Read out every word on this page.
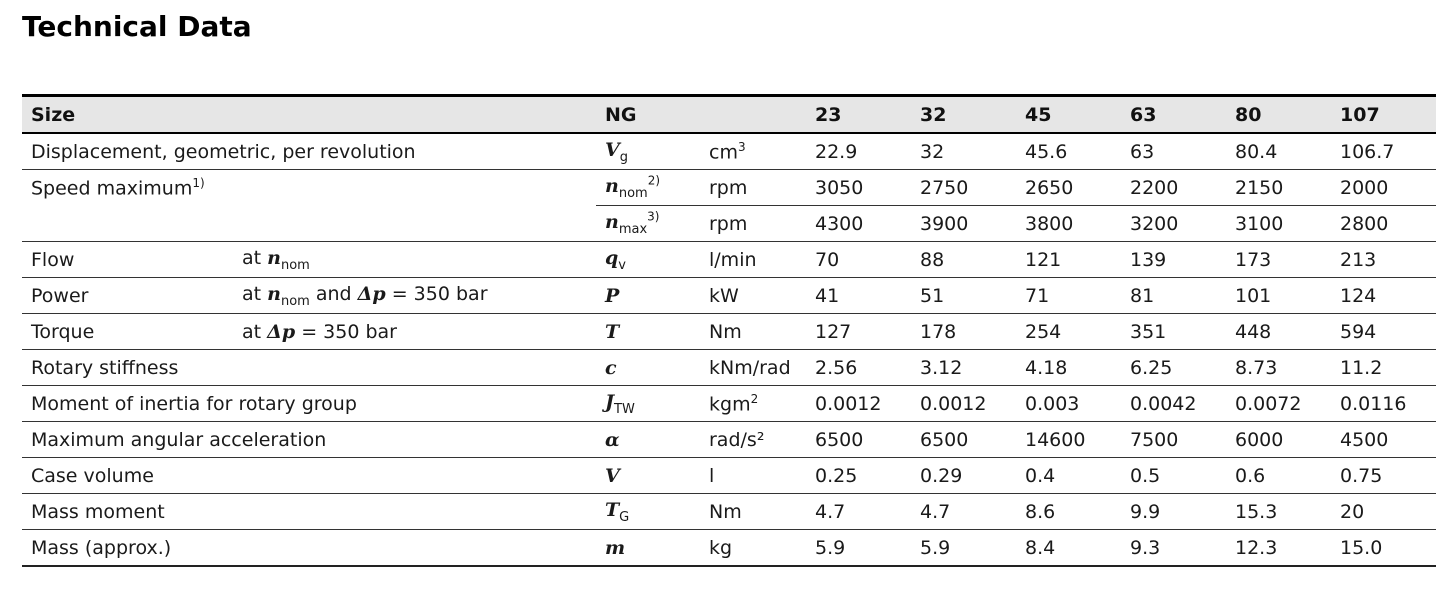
Technical Data
Size		NG		23	32	45	63	80	107
Displacement, geometric, per revolution		$V_g$	$cm^3$	22.9	32	45.6	63	80.4	106.7
Speed maximum$^{1)}$		$n_{nom}^{2)}$	rpm	3050	2750	2650	2200	2150	2000
		$n_{max}^{3)}$	rpm	4300	3900	3800	3200	3100	2800
Flow	at $n_{nom}$	$q_v$	l/min	70	88	121	139	173	213
Power	at $n_{nom}$ and Δp = 350 bar	P	kW	41	51	71	81	101	124
Torque	at Δp = 350 bar	T	Nm	127	178	254	351	448	594
Rotary stiffness		c	kNm/rad	2.56	3.12	4.18	6.25	8.73	11.2
Moment of inertia for rotary group		$J_{TW}$	kgm$^2$	0.0012	0.0012	0.003	0.0042	0.0072	0.0116
Maximum angular acceleration		α	rad/s²	6500	6500	14600	7500	6000	4500
Case volume		V	l	0.25	0.29	0.4	0.5	0.6	0.75
Mass moment		$T_G$	Nm	4.7	4.7	8.6	9.9	15.3	20
Mass (approx.)		m	kg	5.9	5.9	8.4	9.3	12.3	15.0
